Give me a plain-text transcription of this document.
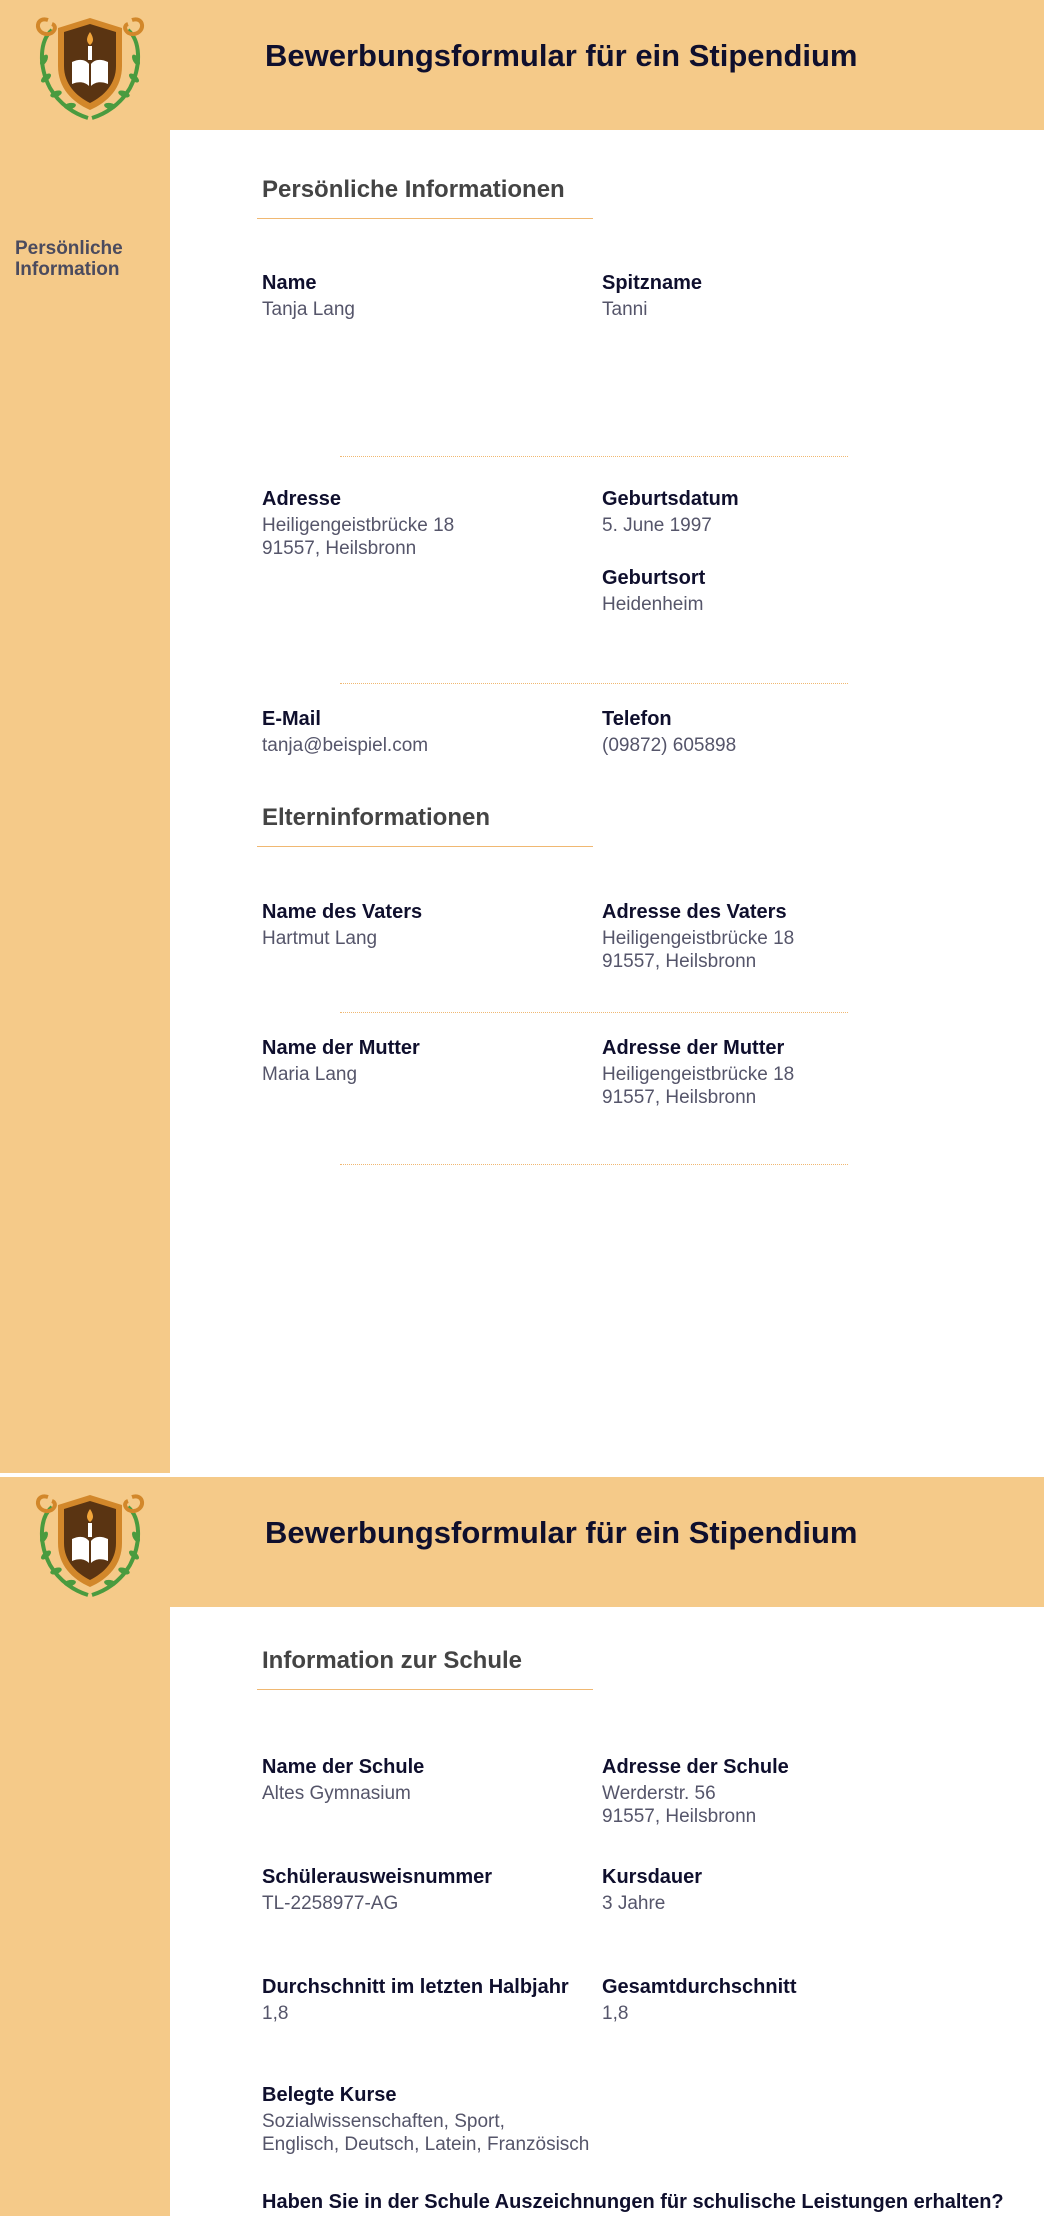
Bewerbungsformular für ein Stipendium
Persönliche
Information
Persönliche Informationen
Name
Tanja Lang
Spitzname
Tanni
Adresse
Heiligengeistbrücke 18
91557, Heilsbronn
Geburtsdatum
5. June 1997
Geburtsort
Heidenheim
E-Mail
tanja@beispiel.com
Telefon
(09872) 605898
Elterninformationen
Name des Vaters
Hartmut Lang
Adresse des Vaters
Heiligengeistbrücke 18
91557, Heilsbronn
Name der Mutter
Maria Lang
Adresse der Mutter
Heiligengeistbrücke 18
91557, Heilsbronn
Bewerbungsformular für ein Stipendium
Information zur Schule
Name der Schule
Altes Gymnasium
Adresse der Schule
Werderstr. 56
91557, Heilsbronn
Schülerausweisnummer
TL-2258977-AG
Kursdauer
3 Jahre
Durchschnitt im letzten Halbjahr
1,8
Gesamtdurchschnitt
1,8
Belegte Kurse
Sozialwissenschaften, Sport,
Englisch, Deutsch, Latein, Französisch
Haben Sie in der Schule Auszeichnungen für schulische Leistungen erhalten?
